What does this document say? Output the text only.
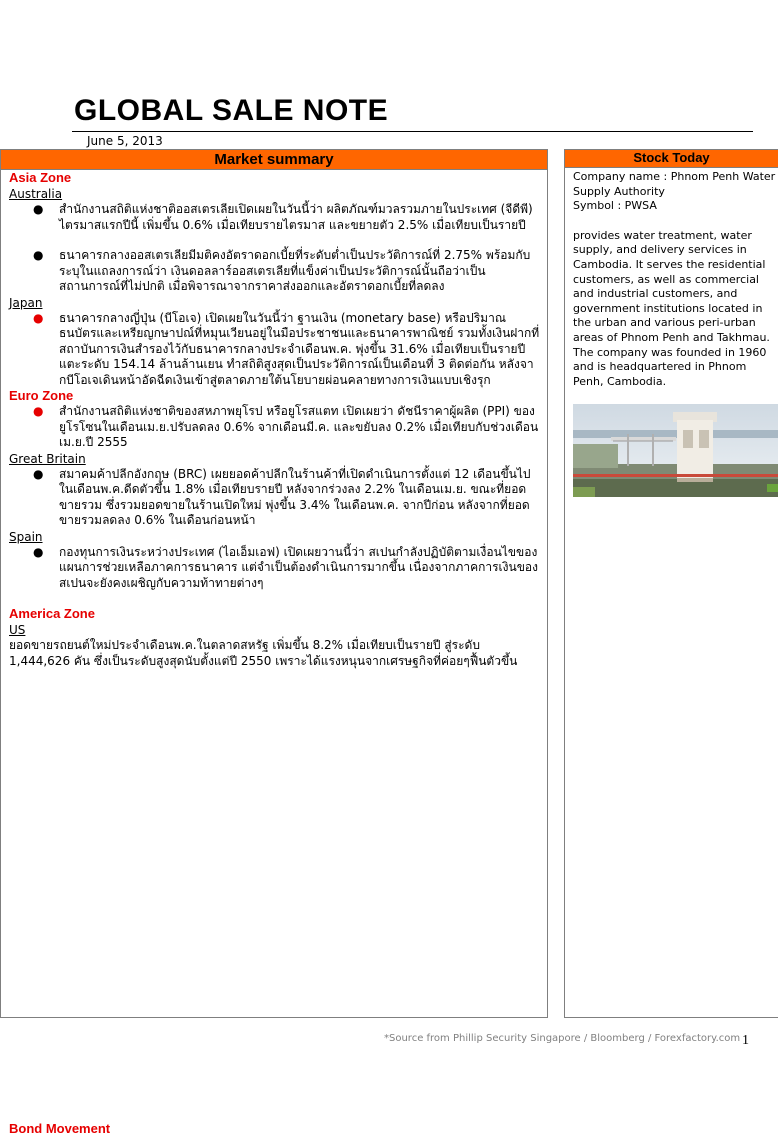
GLOBAL SALE NOTE
June 5, 2013
Market summary
Asia Zone
Australia
● สำนักงานสถิติแห่งชาติออสเตรเลียเปิดเผยในวันนี้ว่า ผลิตภัณฑ์มวลรวมภายในประเทศ (จีดีพี) ไตรมาสแรกปีนี้ เพิ่มขึ้น 0.6% เมื่อเทียบรายไตรมาส และขยายตัว 2.5% เมื่อเทียบเป็นรายปี
● ธนาคารกลางออสเตรเลียมีมติคงอัตราดอกเบี้ยที่ระดับต่ำเป็นประวัติการณ์ที่ 2.75% พร้อมกับระบุในแถลงการณ์ว่า เงินดอลลาร์ออสเตรเลียที่แข็งค่าเป็นประวัติการณ์นั้นถือว่าเป็นสถานการณ์ที่ไม่ปกติ เมื่อพิจารณาจากราคาส่งออกและอัตราดอกเบี้ยที่ลดลง
Japan
● ธนาคารกลางญี่ปุ่น (บีโอเจ) เปิดเผยในวันนี้ว่า ฐานเงิน (monetary base) หรือปริมาณธนบัตรและเหรียญกษาปณ์ที่หมุนเวียนอยู่ในมือประชาชนและธนาคารพาณิชย์ รวมทั้งเงินฝากที่สถาบันการเงินสำรองไว้กับธนาคารกลางประจำเดือนพ.ค. พุ่งขึ้น 31.6% เมื่อเทียบเป็นรายปี แตะระดับ 154.14 ล้านล้านเยน ทำสถิติสูงสุดเป็นประวัติการณ์เป็นเดือนที่ 3 ติดต่อกัน หลังจากบีโอเจเดินหน้าอัดฉีดเงินเข้าสู่ตลาดภายใต้นโยบายผ่อนคลายทางการเงินแบบเชิงรุก
Euro Zone
● สำนักงานสถิติแห่งชาติของสหภาพยุโรป หรือยูโรสแตท เปิดเผยว่า ดัชนีราคาผู้ผลิต (PPI) ของยูโรโซนในเดือนเม.ย.ปรับลดลง 0.6% จากเดือนมี.ค. และขยับลง 0.2% เมื่อเทียบกับช่วงเดือนเม.ย.ปี 2555
Great Britain
● สมาคมค้าปลีกอังกฤษ (BRC) เผยยอดค้าปลีกในร้านค้าที่เปิดดำเนินการตั้งแต่ 12 เดือนขึ้นไปในเดือนพ.ค.ดีดตัวขึ้น 1.8% เมื่อเทียบรายปี หลังจากร่วงลง 2.2% ในเดือนเม.ย. ขณะที่ยอดขายรวม ซึ่งรวมยอดขายในร้านเปิดใหม่ พุ่งขึ้น 3.4% ในเดือนพ.ค. จากปีก่อน หลังจากที่ยอดขายรวมลดลง 0.6% ในเดือนก่อนหน้า
Spain
● กองทุนการเงินระหว่างประเทศ (ไอเอ็มเอฟ) เปิดเผยวานนี้ว่า สเปนกำลังปฏิบัติตามเงื่อนไขของแผนการช่วยเหลือภาคการธนาคาร แต่จำเป็นต้องดำเนินการมากขึ้น เนื่องจากภาคการเงินของสเปนจะยังคงเผชิญกับความท้าทายต่างๆ
America Zone
US
ยอดขายรถยนต์ใหม่ประจำเดือนพ.ค.ในตลาดสหรัฐ เพิ่มขึ้น 8.2% เมื่อเทียบเป็นรายปี สู่ระดับ 1,444,626 คัน ซึ่งเป็นระดับสูงสุดนับตั้งแต่ปี 2550 เพราะได้แรงหนุนจากเศรษฐกิจที่ค่อยๆฟื้นตัวขึ้น
Bond Movement
Stock Today
Company name : Phnom Penh Water Supply Authority
Symbol : PWSA
provides water treatment, water supply, and delivery services in Cambodia. It serves the residential customers, as well as commercial and industrial customers, and government institutions located in the urban and various peri-urban areas of Phnom Penh and Takhmau. The company was founded in 1960 and is headquartered in Phnom Penh, Cambodia.
*Source from Phillip Security Singapore / Bloomberg / Forexfactory.com 1
